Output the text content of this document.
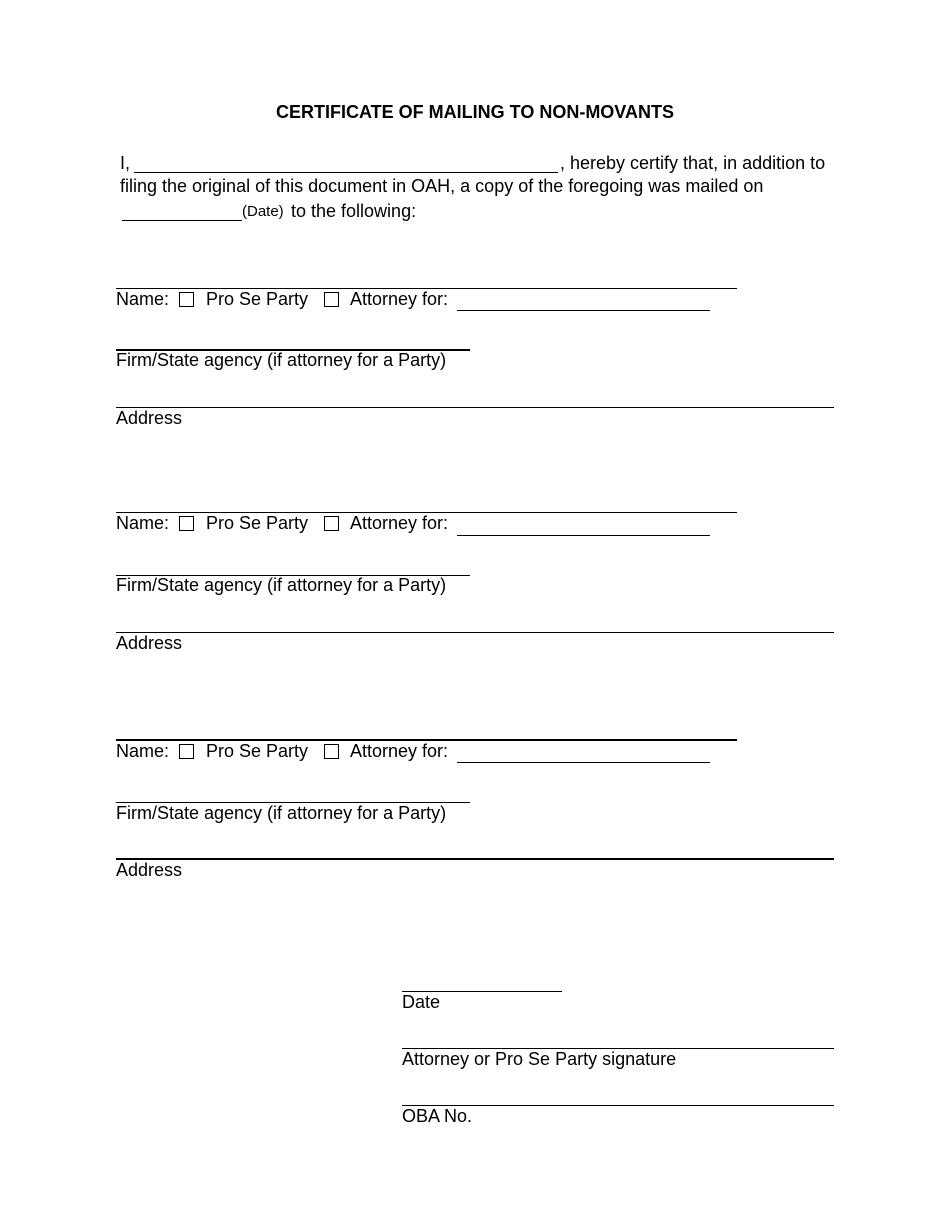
CERTIFICATE OF MAILING TO NON-MOVANTS
I,	, hereby certify that, in addition to
filing the original of this document in OAH, a copy of the foregoing was mailed on
(Date) to the following:
Name: Pro Se Party Attorney for:
Firm/State agency (if attorney for a Party)
Address
Name: Pro Se Party Attorney for:
Firm/State agency (if attorney for a Party)
Address
Name: Pro Se Party Attorney for:
Firm/State agency (if attorney for a Party)
Address
Date
Attorney or Pro Se Party signature
OBA No.
